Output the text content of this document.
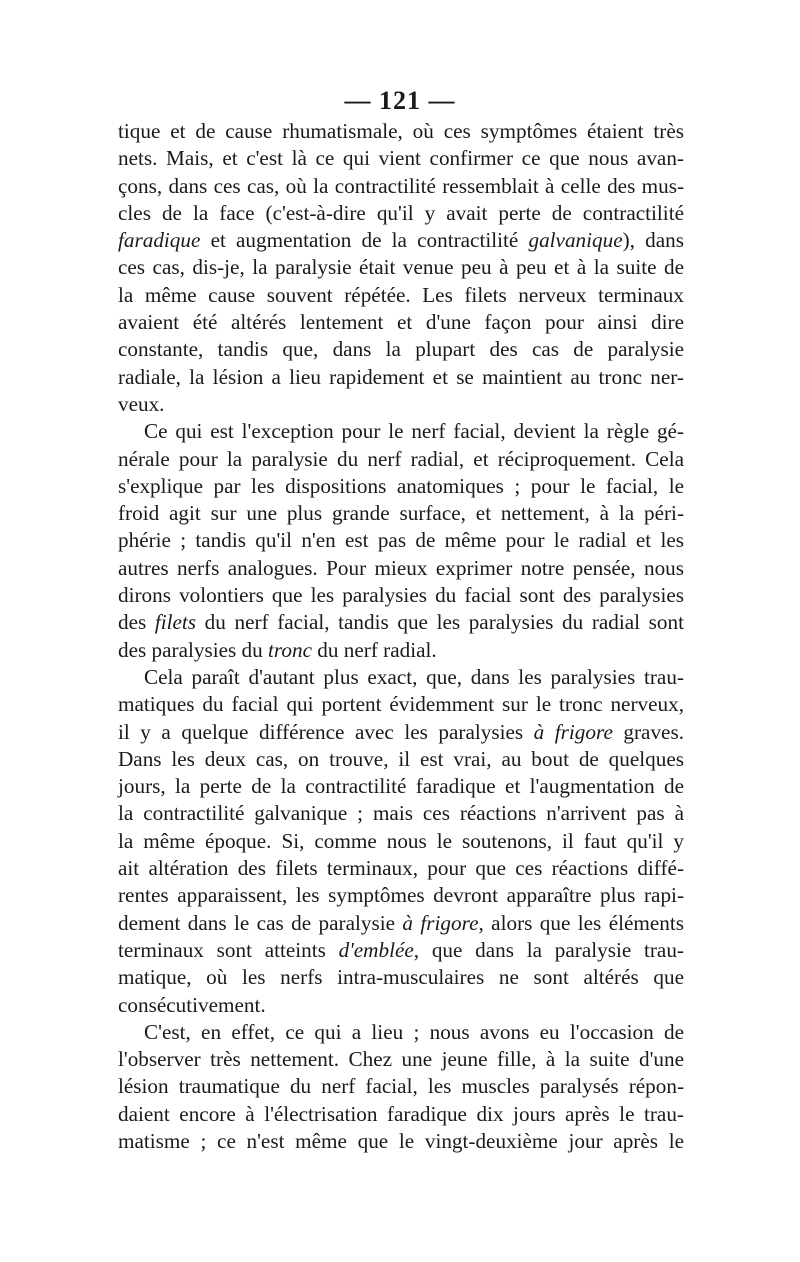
— 121 —
tique et de cause rhumatismale, où ces symptômes étaient très
nets. Mais, et c'est là ce qui vient confirmer ce que nous avan-
çons, dans ces cas, où la contractilité ressemblait à celle des mus-
cles de la face (c'est-à-dire qu'il y avait perte de contractilité
faradique et augmentation de la contractilité galvanique), dans
ces cas, dis-je, la paralysie était venue peu à peu et à la suite de
la même cause souvent répétée. Les filets nerveux terminaux
avaient été altérés lentement et d'une façon pour ainsi dire
constante, tandis que, dans la plupart des cas de paralysie
radiale, la lésion a lieu rapidement et se maintient au tronc ner-
veux.
Ce qui est l'exception pour le nerf facial, devient la règle gé-
nérale pour la paralysie du nerf radial, et réciproquement. Cela
s'explique par les dispositions anatomiques ; pour le facial, le
froid agit sur une plus grande surface, et nettement, à la péri-
phérie ; tandis qu'il n'en est pas de même pour le radial et les
autres nerfs analogues. Pour mieux exprimer notre pensée, nous
dirons volontiers que les paralysies du facial sont des paralysies
des filets du nerf facial, tandis que les paralysies du radial sont
des paralysies du tronc du nerf radial.
Cela paraît d'autant plus exact, que, dans les paralysies trau-
matiques du facial qui portent évidemment sur le tronc nerveux,
il y a quelque différence avec les paralysies à frigore graves.
Dans les deux cas, on trouve, il est vrai, au bout de quelques
jours, la perte de la contractilité faradique et l'augmentation de
la contractilité galvanique ; mais ces réactions n'arrivent pas à
la même époque. Si, comme nous le soutenons, il faut qu'il y
ait altération des filets terminaux, pour que ces réactions diffé-
rentes apparaissent, les symptômes devront apparaître plus rapi-
dement dans le cas de paralysie à frigore, alors que les éléments
terminaux sont atteints d'emblée, que dans la paralysie trau-
matique, où les nerfs intra-musculaires ne sont altérés que
consécutivement.
C'est, en effet, ce qui a lieu ; nous avons eu l'occasion de
l'observer très nettement. Chez une jeune fille, à la suite d'une
lésion traumatique du nerf facial, les muscles paralysés répon-
daient encore à l'électrisation faradique dix jours après le trau-
matisme ; ce n'est même que le vingt-deuxième jour après le
